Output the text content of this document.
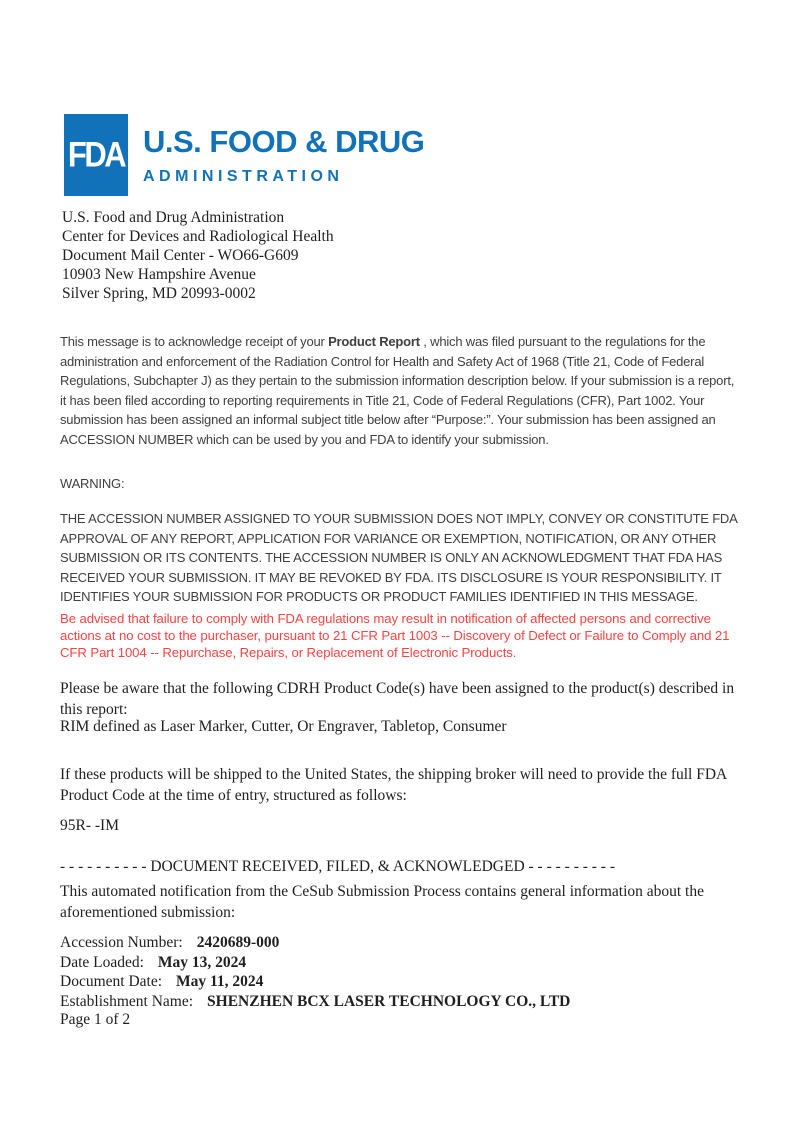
FDA U.S. FOOD & DRUG
ADMINISTRATION
U.S. Food and Drug Administration
Center for Devices and Radiological Health
Document Mail Center - WO66-G609
10903 New Hampshire Avenue
Silver Spring, MD 20993-0002

This message is to acknowledge receipt of your Product Report , which was filed pursuant to the regulations for the administration and enforcement of the Radiation Control for Health and Safety Act of 1968 (Title 21, Code of Federal Regulations, Subchapter J) as they pertain to the submission information description below. If your submission is a report, it has been filed according to reporting requirements in Title 21, Code of Federal Regulations (CFR), Part 1002. Your submission has been assigned an informal subject title below after “Purpose:”. Your submission has been assigned an ACCESSION NUMBER which can be used by you and FDA to identify your submission.

WARNING:

THE ACCESSION NUMBER ASSIGNED TO YOUR SUBMISSION DOES NOT IMPLY, CONVEY OR CONSTITUTE FDA APPROVAL OF ANY REPORT, APPLICATION FOR VARIANCE OR EXEMPTION, NOTIFICATION, OR ANY OTHER SUBMISSION OR ITS CONTENTS. THE ACCESSION NUMBER IS ONLY AN ACKNOWLEDGMENT THAT FDA HAS RECEIVED YOUR SUBMISSION. IT MAY BE REVOKED BY FDA. ITS DISCLOSURE IS YOUR RESPONSIBILITY. IT IDENTIFIES YOUR SUBMISSION FOR PRODUCTS OR PRODUCT FAMILIES IDENTIFIED IN THIS MESSAGE.

Be advised that failure to comply with FDA regulations may result in notification of affected persons and corrective actions at no cost to the purchaser, pursuant to 21 CFR Part 1003 -- Discovery of Defect or Failure to Comply and 21 CFR Part 1004 -- Repurchase, Repairs, or Replacement of Electronic Products.

Please be aware that the following CDRH Product Code(s) have been assigned to the product(s) described in this report:

RIM defined as Laser Marker, Cutter, Or Engraver, Tabletop, Consumer

If these products will be shipped to the United States, the shipping broker will need to provide the full FDA Product Code at the time of entry, structured as follows:

95R- -IM

- - - - - - - - - - DOCUMENT RECEIVED, FILED, & ACKNOWLEDGED - - - - - - - - - -

This automated notification from the CeSub Submission Process contains general information about the aforementioned submission:

Accession Number: 2420689-000
Date Loaded: May 13, 2024
Document Date: May 11, 2024
Establishment Name: SHENZHEN BCX LASER TECHNOLOGY CO., LTD

Page 1 of 2
